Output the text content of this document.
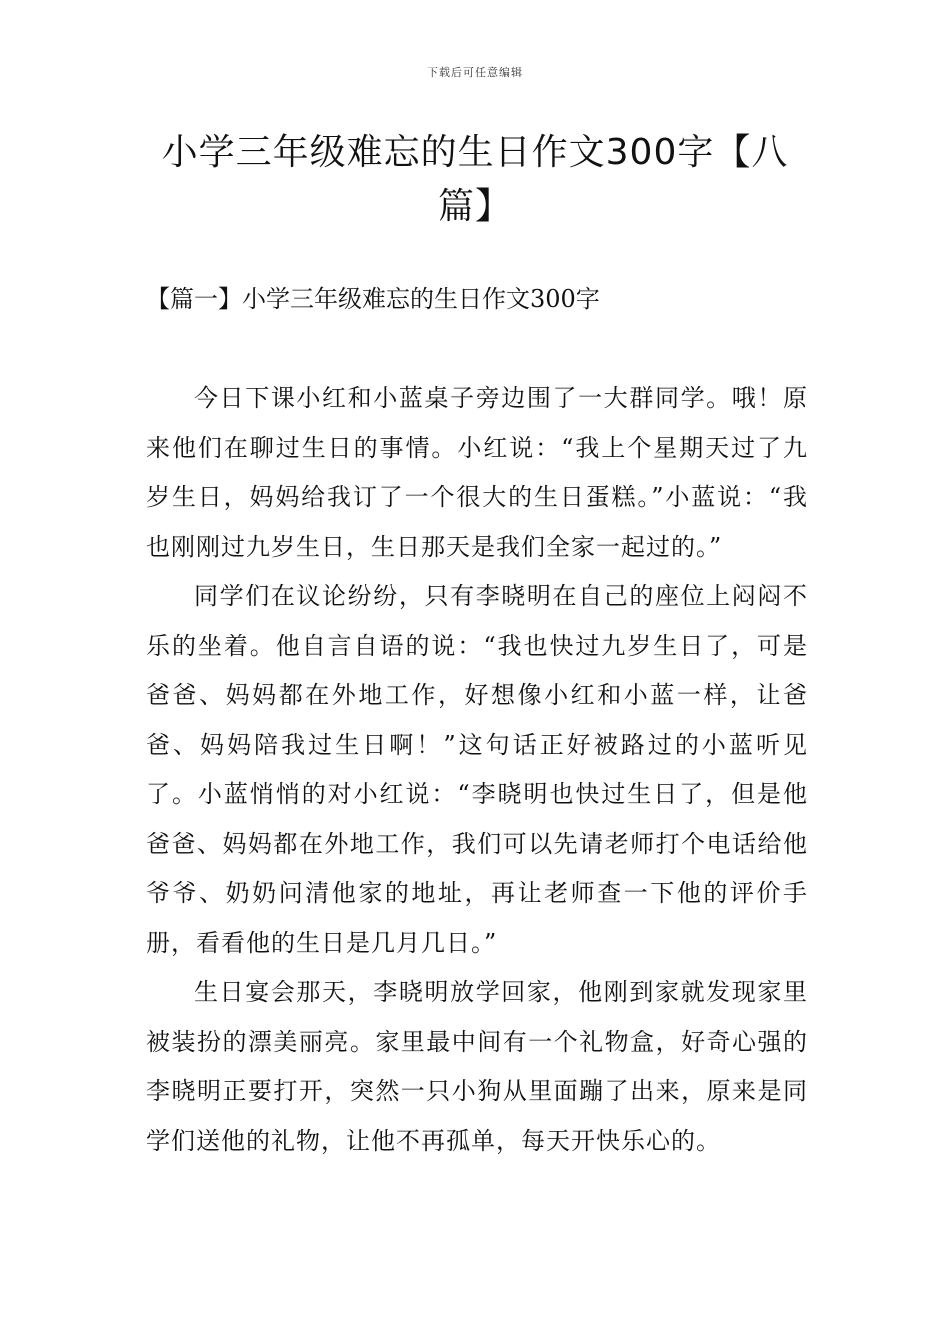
下载后可任意编辑
小学三年级难忘的生日作文300字【八篇】
【篇一】小学三年级难忘的生日作文300字

今日下课小红和小蓝桌子旁边围了一大群同学。哦！原来他们在聊过生日的事情。小红说：“我上个星期天过了九岁生日，妈妈给我订了一个很大的生日蛋糕。”小蓝说：“我也刚刚过九岁生日，生日那天是我们全家一起过的。”

同学们在议论纷纷，只有李晓明在自己的座位上闷闷不乐的坐着。他自言自语的说：“我也快过九岁生日了，可是爸爸、妈妈都在外地工作，好想像小红和小蓝一样，让爸爸、妈妈陪我过生日啊！”这句话正好被路过的小蓝听见了。小蓝悄悄的对小红说：“李晓明也快过生日了，但是他爸爸、妈妈都在外地工作，我们可以先请老师打个电话给他爷爷、奶奶问清他家的地址，再让老师查一下他的评价手册，看看他的生日是几月几日。”

生日宴会那天，李晓明放学回家，他刚到家就发现家里被装扮的漂美丽亮。家里最中间有一个礼物盒，好奇心强的李晓明正要打开，突然一只小狗从里面蹦了出来，原来是同学们送他的礼物，让他不再孤单，每天开快乐心的。
